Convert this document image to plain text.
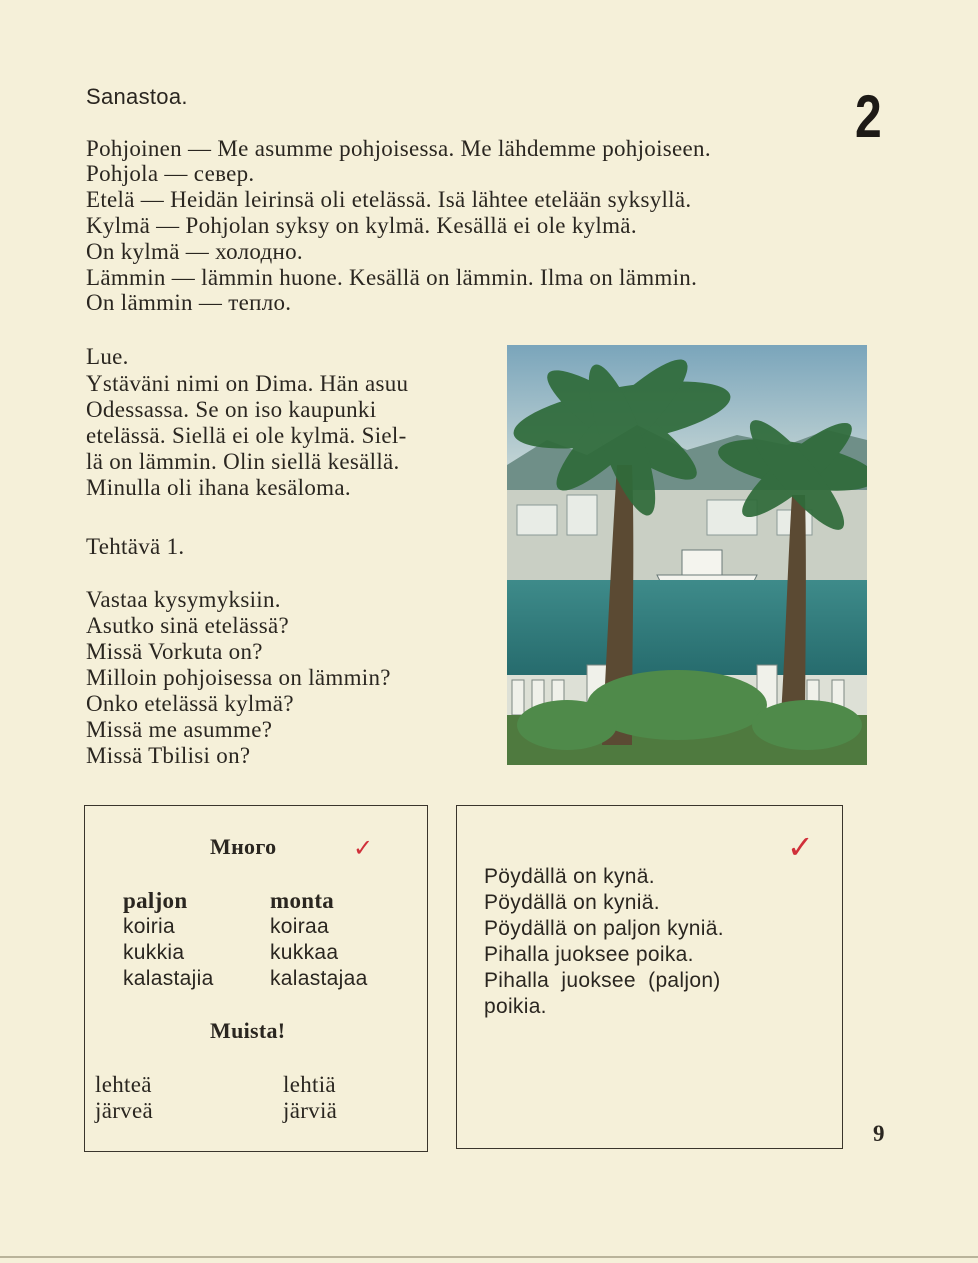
2
Sanastoa.
Pohjoinen — Me asumme pohjoisessa. Me lähdemme pohjoiseen.
Pohjola — север.
Etelä — Heidän leirinsä oli etelässä. Isä lähtee etelään syksyllä.
Kylmä — Pohjolan syksy on kylmä. Kesällä ei ole kylmä.
On kylmä — холодно.
Lämmin — lämmin huone. Kesällä on lämmin. Ilma on lämmin.
On lämmin — тепло.
Lue.
Ystäväni nimi on Dima. Hän asuu
Odessassa. Se on iso kaupunki
etelässä. Siellä ei ole kylmä. Siel-
lä on lämmin. Olin siellä kesällä.
Minulla oli ihana kesäloma.
Tehtävä 1.
Vastaa kysymyksiin.
Asutko sinä etelässä?
Missä Vorkuta on?
Milloin pohjoisessa on lämmin?
Onko etelässä kylmä?
Missä me asumme?
Missä Tbilisi on?
Много	✓
paljon	monta
koiria
kukkia
kalastajia
koiraa
kukkaa
kalastajaa
Muista!
lehteä
järveä
lehtiä
järviä
✓
Pöydällä on kynä.
Pöydällä on kyniä.
Pöydällä on paljon kyniä.
Pihalla juoksee poika.
Pihalla  juoksee  (paljon)
poikia.
9
